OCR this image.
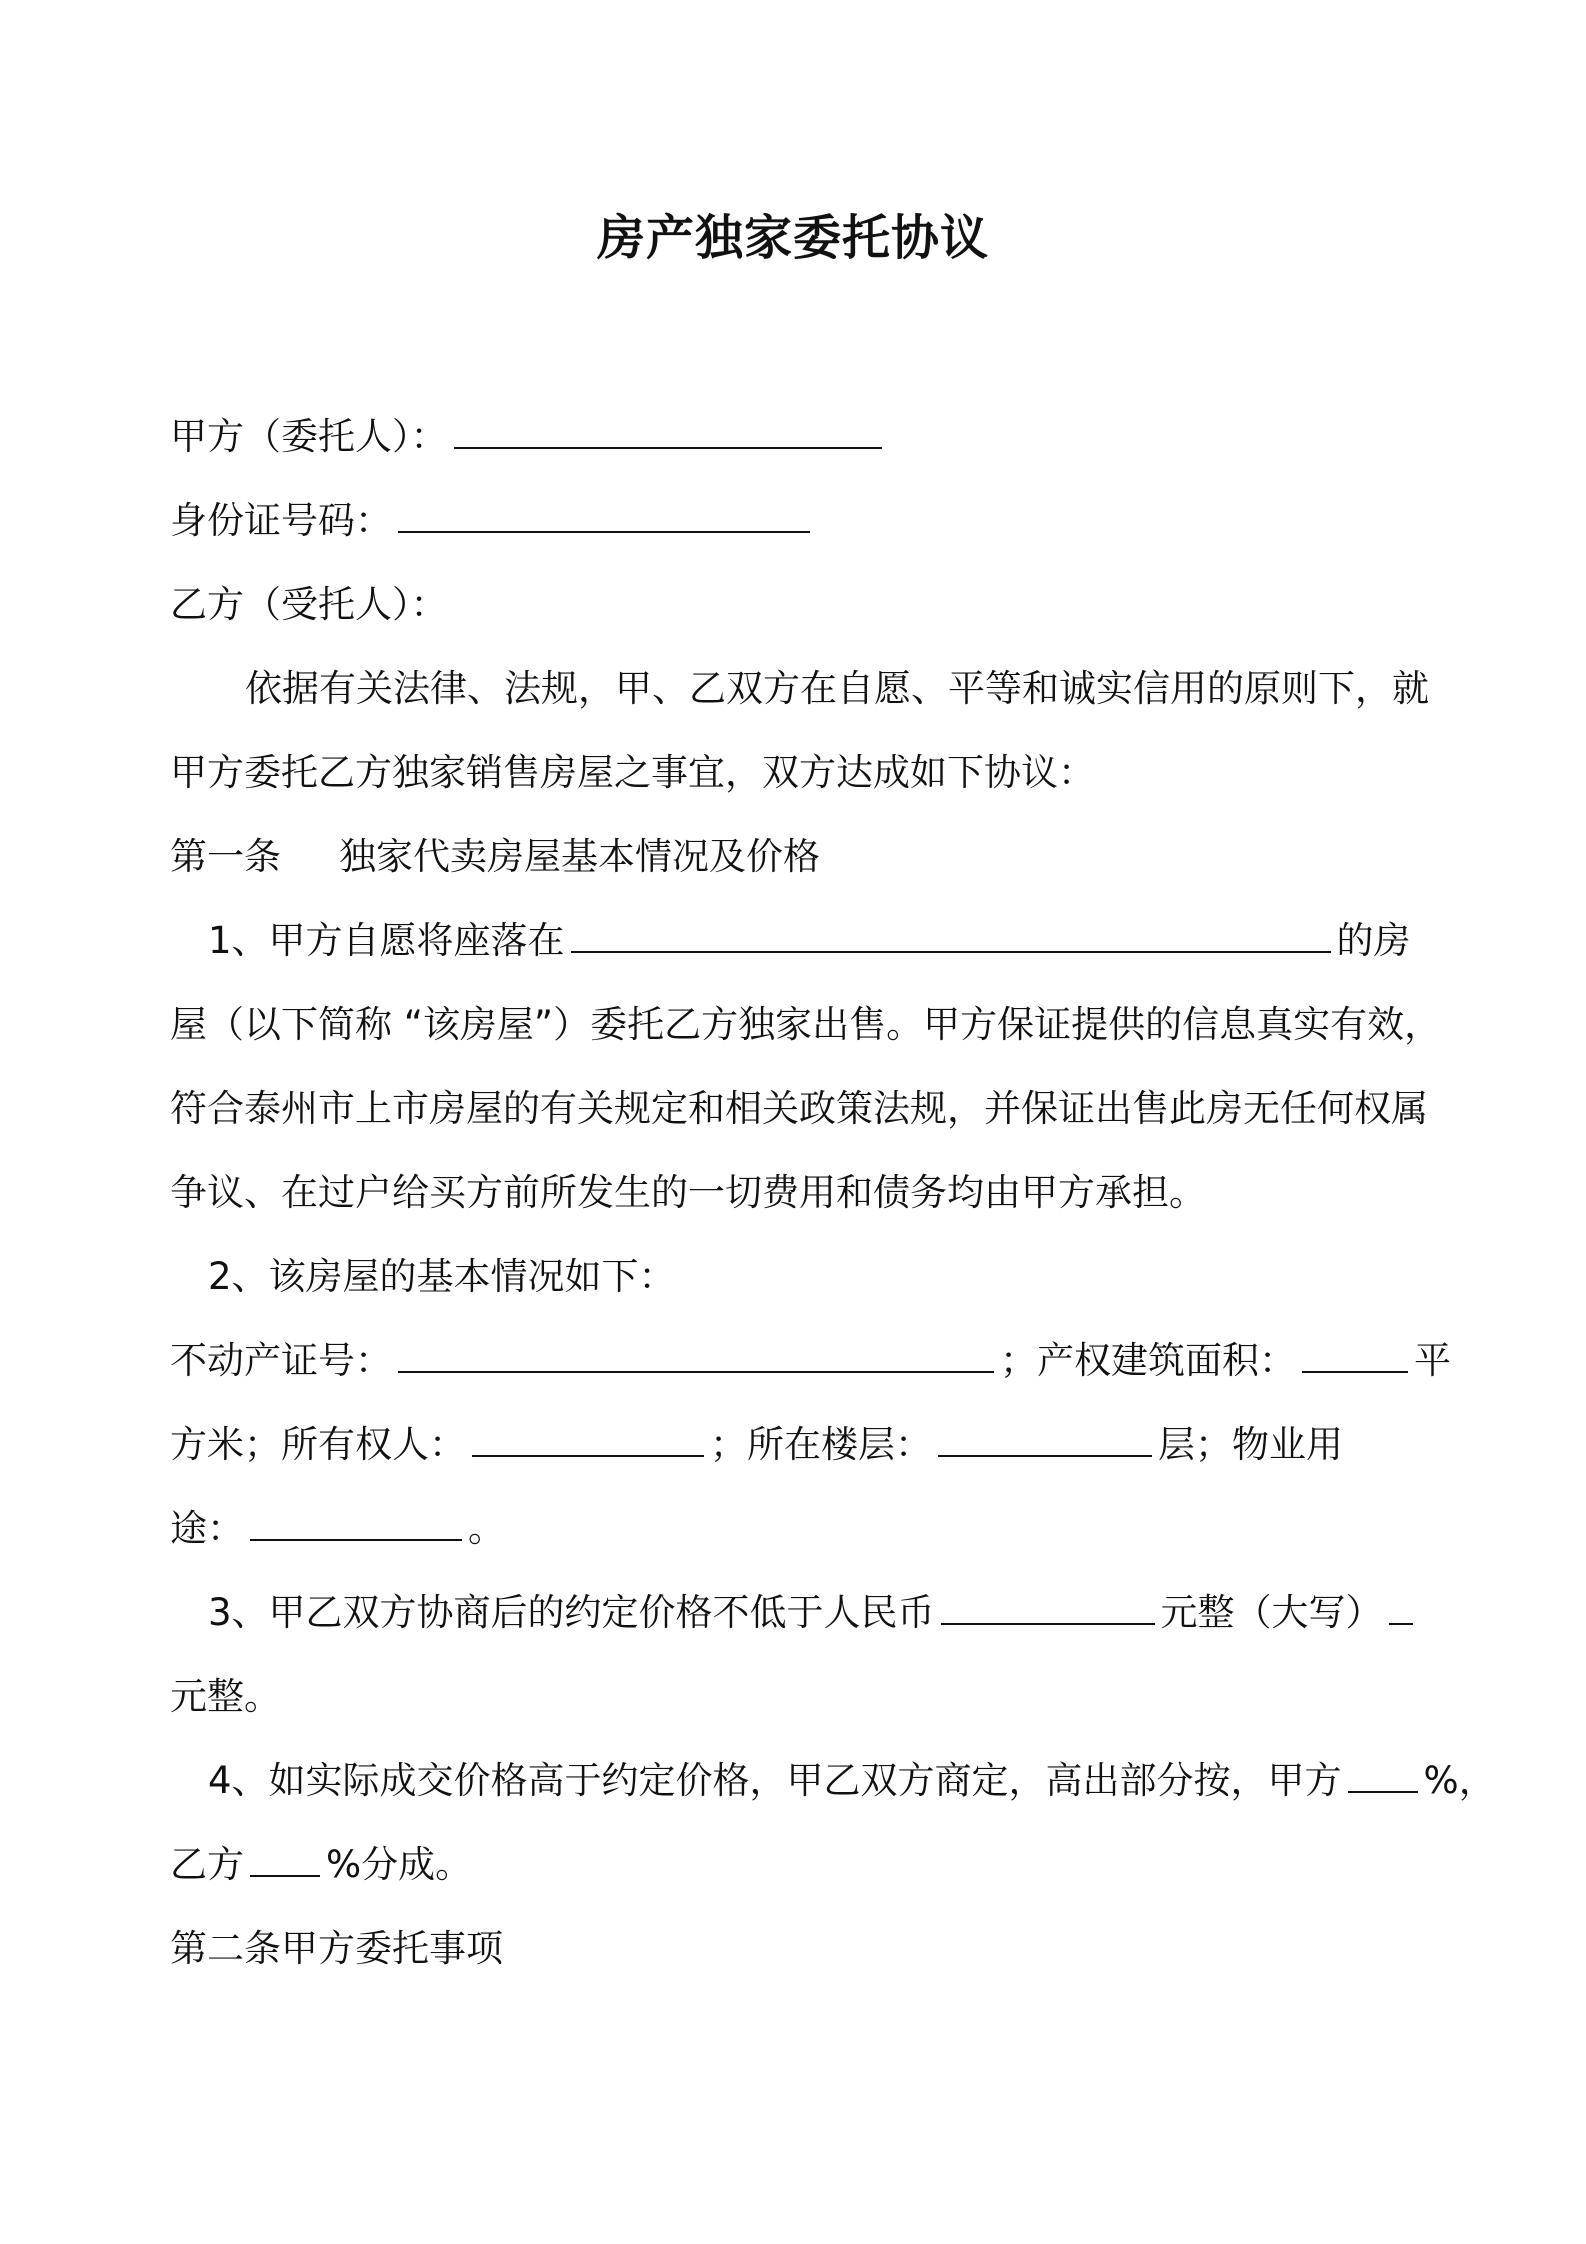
房产独家委托协议
甲方（委托人）：
身份证号码：
乙方（受托人）：
依据有关法律、法规，甲、乙双方在自愿、平等和诚实信用的原则下，就
甲方委托乙方独家销售房屋之事宜，双方达成如下协议：
第一条 独家代卖房屋基本情况及价格
1、甲方自愿将座落在	的房
屋（以下简称 “该房屋”）委托乙方独家出售。甲方保证提供的信息真实有效，
符合泰州市上市房屋的有关规定和相关政策法规，并保证出售此房无任何权属
争议、在过户给买方前所发生的一切费用和债务均由甲方承担。
2、该房屋的基本情况如下：
不动产证号：	；产权建筑面积：	平
方米；所有权人：	；所在楼层：	层；物业用
途：	。
3、甲乙双方协商后的约定价格不低于人民币	元整（大写）
元整。
4、如实际成交价格高于约定价格，甲乙双方商定，高出部分按，甲方 %，
乙方 %分成。
第二条甲方委托事项
